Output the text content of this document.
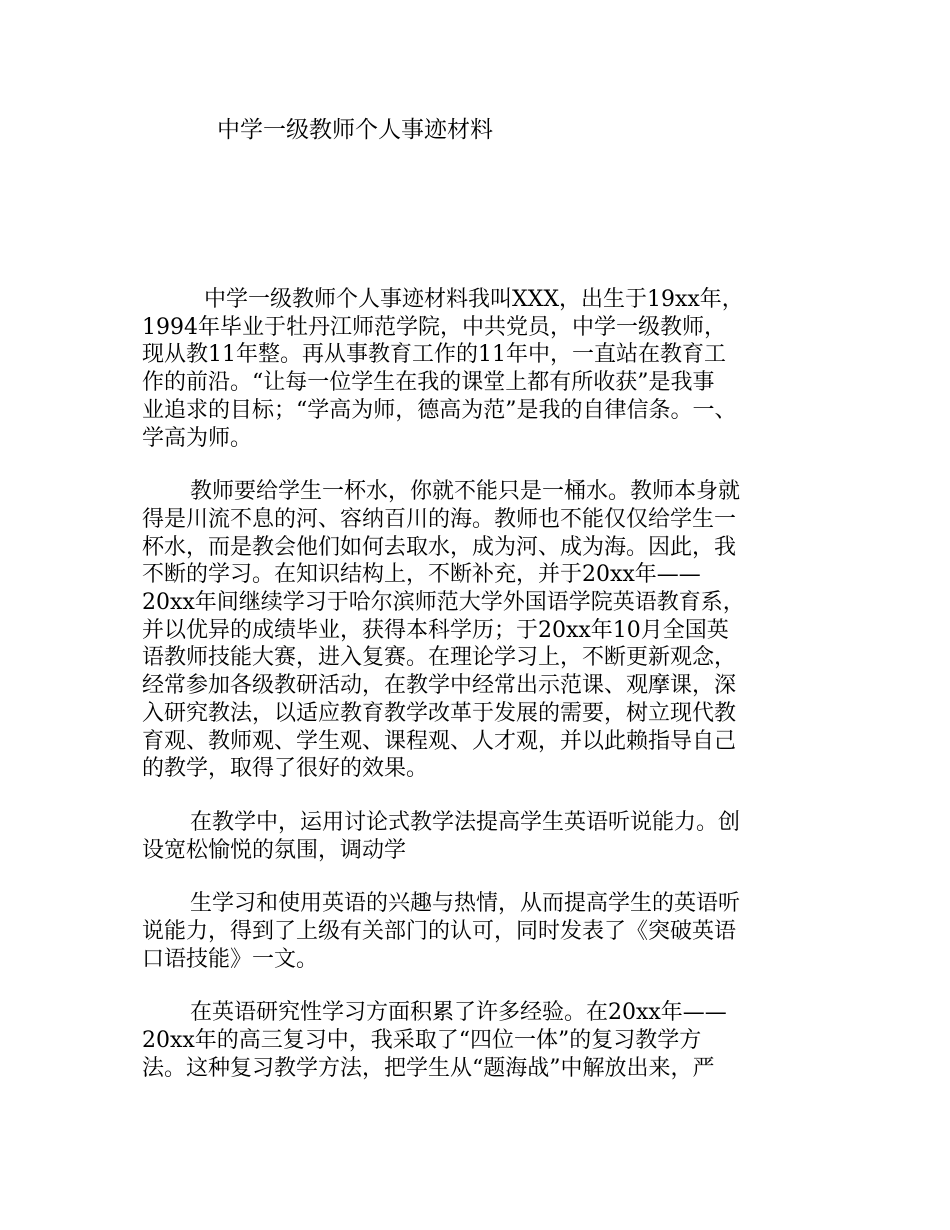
中学一级教师个人事迹材料

中学一级教师个人事迹材料我叫XXX，出生于19xx年，
1994年毕业于牡丹江师范学院，中共党员，中学一级教师，
现从教11年整。再从事教育工作的11年中，一直站在教育工
作的前沿。“让每一位学生在我的课堂上都有所收获”是我事
业追求的目标；“学高为师，德高为范”是我的自律信条。一、
学高为师。

教师要给学生一杯水，你就不能只是一桶水。教师本身就
得是川流不息的河、容纳百川的海。教师也不能仅仅给学生一
杯水，而是教会他们如何去取水，成为河、成为海。因此，我
不断的学习。在知识结构上，不断补充，并于20xx年——
20xx年间继续学习于哈尔滨师范大学外国语学院英语教育系，
并以优异的成绩毕业，获得本科学历；于20xx年10月全国英
语教师技能大赛，进入复赛。在理论学习上，不断更新观念，
经常参加各级教研活动，在教学中经常出示范课、观摩课，深
入研究教法，以适应教育教学改革于发展的需要，树立现代教
育观、教师观、学生观、课程观、人才观，并以此赖指导自己
的教学，取得了很好的效果。

在教学中，运用讨论式教学法提高学生英语听说能力。创
设宽松愉悦的氛围，调动学

生学习和使用英语的兴趣与热情，从而提高学生的英语听
说能力，得到了上级有关部门的认可，同时发表了《突破英语
口语技能》一文。

在英语研究性学习方面积累了许多经验。在20xx年——
20xx年的高三复习中，我采取了“四位一体”的复习教学方
法。这种复习教学方法，把学生从“题海战”中解放出来，严
